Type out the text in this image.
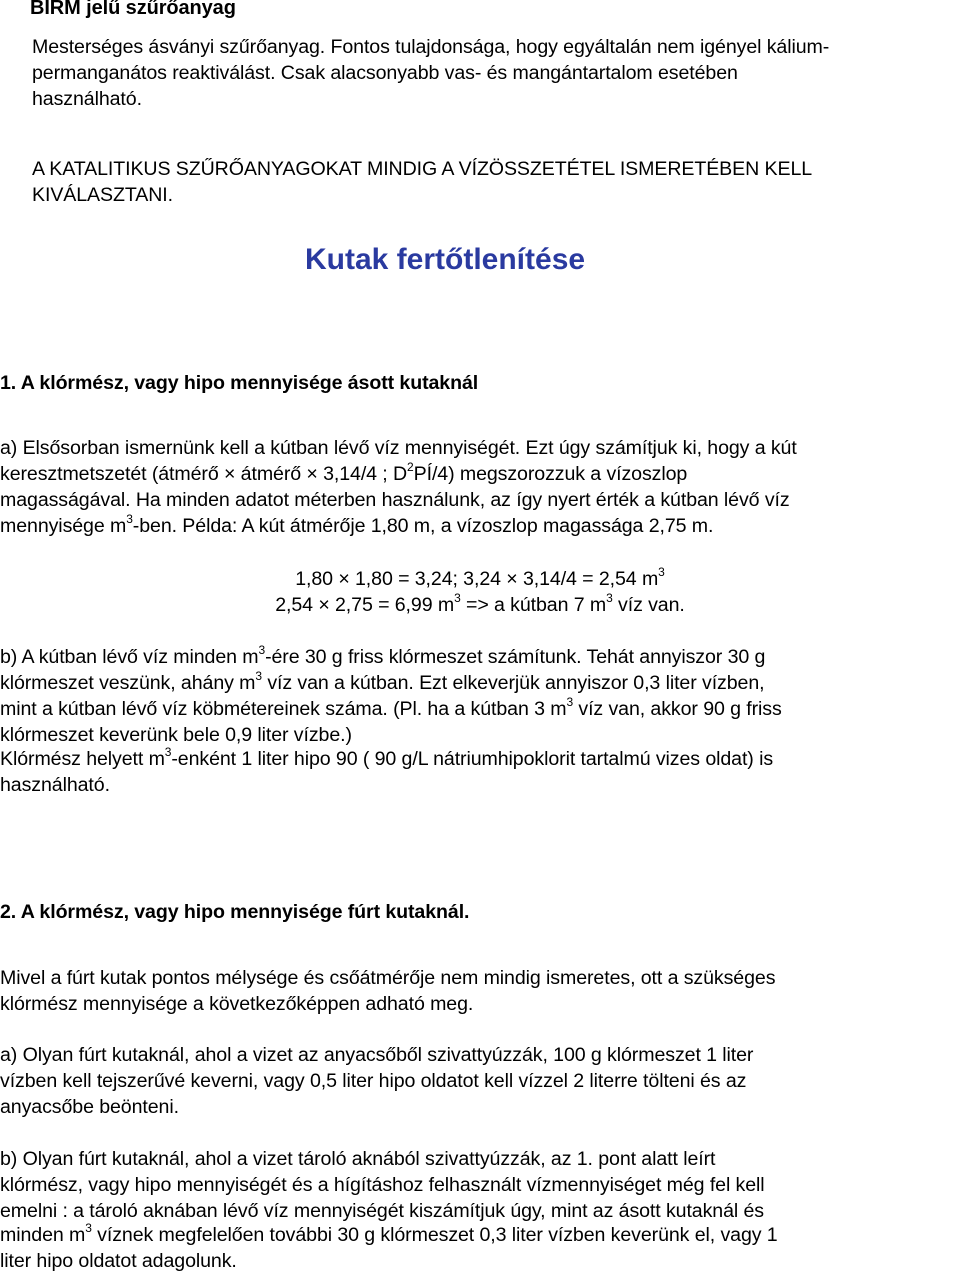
BIRM jelű szűrőanyag
Mesterséges ásványi szűrőanyag. Fontos tulajdonsága, hogy egyáltalán nem igényel kálium-
permanganátos reaktiválást. Csak alacsonyabb vas- és mangántartalom esetében
használható.
A KATALITIKUS SZŰRŐANYAGOKAT MINDIG A VÍZÖSSZETÉTEL ISMERETÉBEN KELL
KIVÁLASZTANI.
Kutak fertőtlenítése
1. A klórmész, vagy hipo mennyisége ásott kutaknál
a) Elsősorban ismernünk kell a kútban lévő víz mennyiségét. Ezt úgy számítjuk ki, hogy a kút
keresztmetszetét (átmérő × átmérő × 3,14/4 ; $D^2PÍ/4$) megszorozzuk a vízoszlop
magasságával. Ha minden adatot méterben használunk, az így nyert érték a kútban lévő víz
mennyisége $m^3$-ben. Példa: A kút átmérője 1,80 m, a vízoszlop magassága 2,75 m.
1,80 × 1,80 = 3,24; 3,24 × 3,14/4 = 2,54 $m^3$
2,54 × 2,75 = 6,99 $m^3 => a$ kútban 7 $m^3$ víz van.
b) A kútban lévő víz minden $m^3$-ére 30 g friss klórmeszet számítunk. Tehát annyiszor 30 g
klórmeszet veszünk, ahány $m^3$ víz van a kútban. Ezt elkeverjük annyiszor 0,3 liter vízben,
mint a kútban lévő víz köbmétereinek száma. (Pl. ha a kútban 3 $m^3$ víz van, akkor 90 g friss
klórmeszet keverünk bele 0,9 liter vízbe.)
Klórmész helyett $m^3$-enként 1 liter hipo 90 ( 90 g/L nátriumhipoklorit tartalmú vizes oldat) is
használható.
2. A klórmész, vagy hipo mennyisége fúrt kutaknál.
Mivel a fúrt kutak pontos mélysége és csőátmérője nem mindig ismeretes, ott a szükséges
klórmész mennyisége a következőképpen adható meg.
a) Olyan fúrt kutaknál, ahol a vizet az anyacsőből szivattyúzzák, 100 g klórmeszet 1 liter
vízben kell tejszerűvé keverni, vagy 0,5 liter hipo oldatot kell vízzel 2 literre tölteni és az
anyacsőbe beönteni.
b) Olyan fúrt kutaknál, ahol a vizet tároló aknából szivattyúzzák, az 1. pont alatt leírt
klórmész, vagy hipo mennyiségét és a hígításhoz felhasznált vízmennyiséget még fel kell
emelni : a tároló aknában lévő víz mennyiségét kiszámítjuk úgy, mint az ásott kutaknál és
minden $m^3$ víznek megfelelően további 30 g klórmeszet 0,3 liter vízben keverünk el, vagy 1
liter hipo oldatot adagolunk.
